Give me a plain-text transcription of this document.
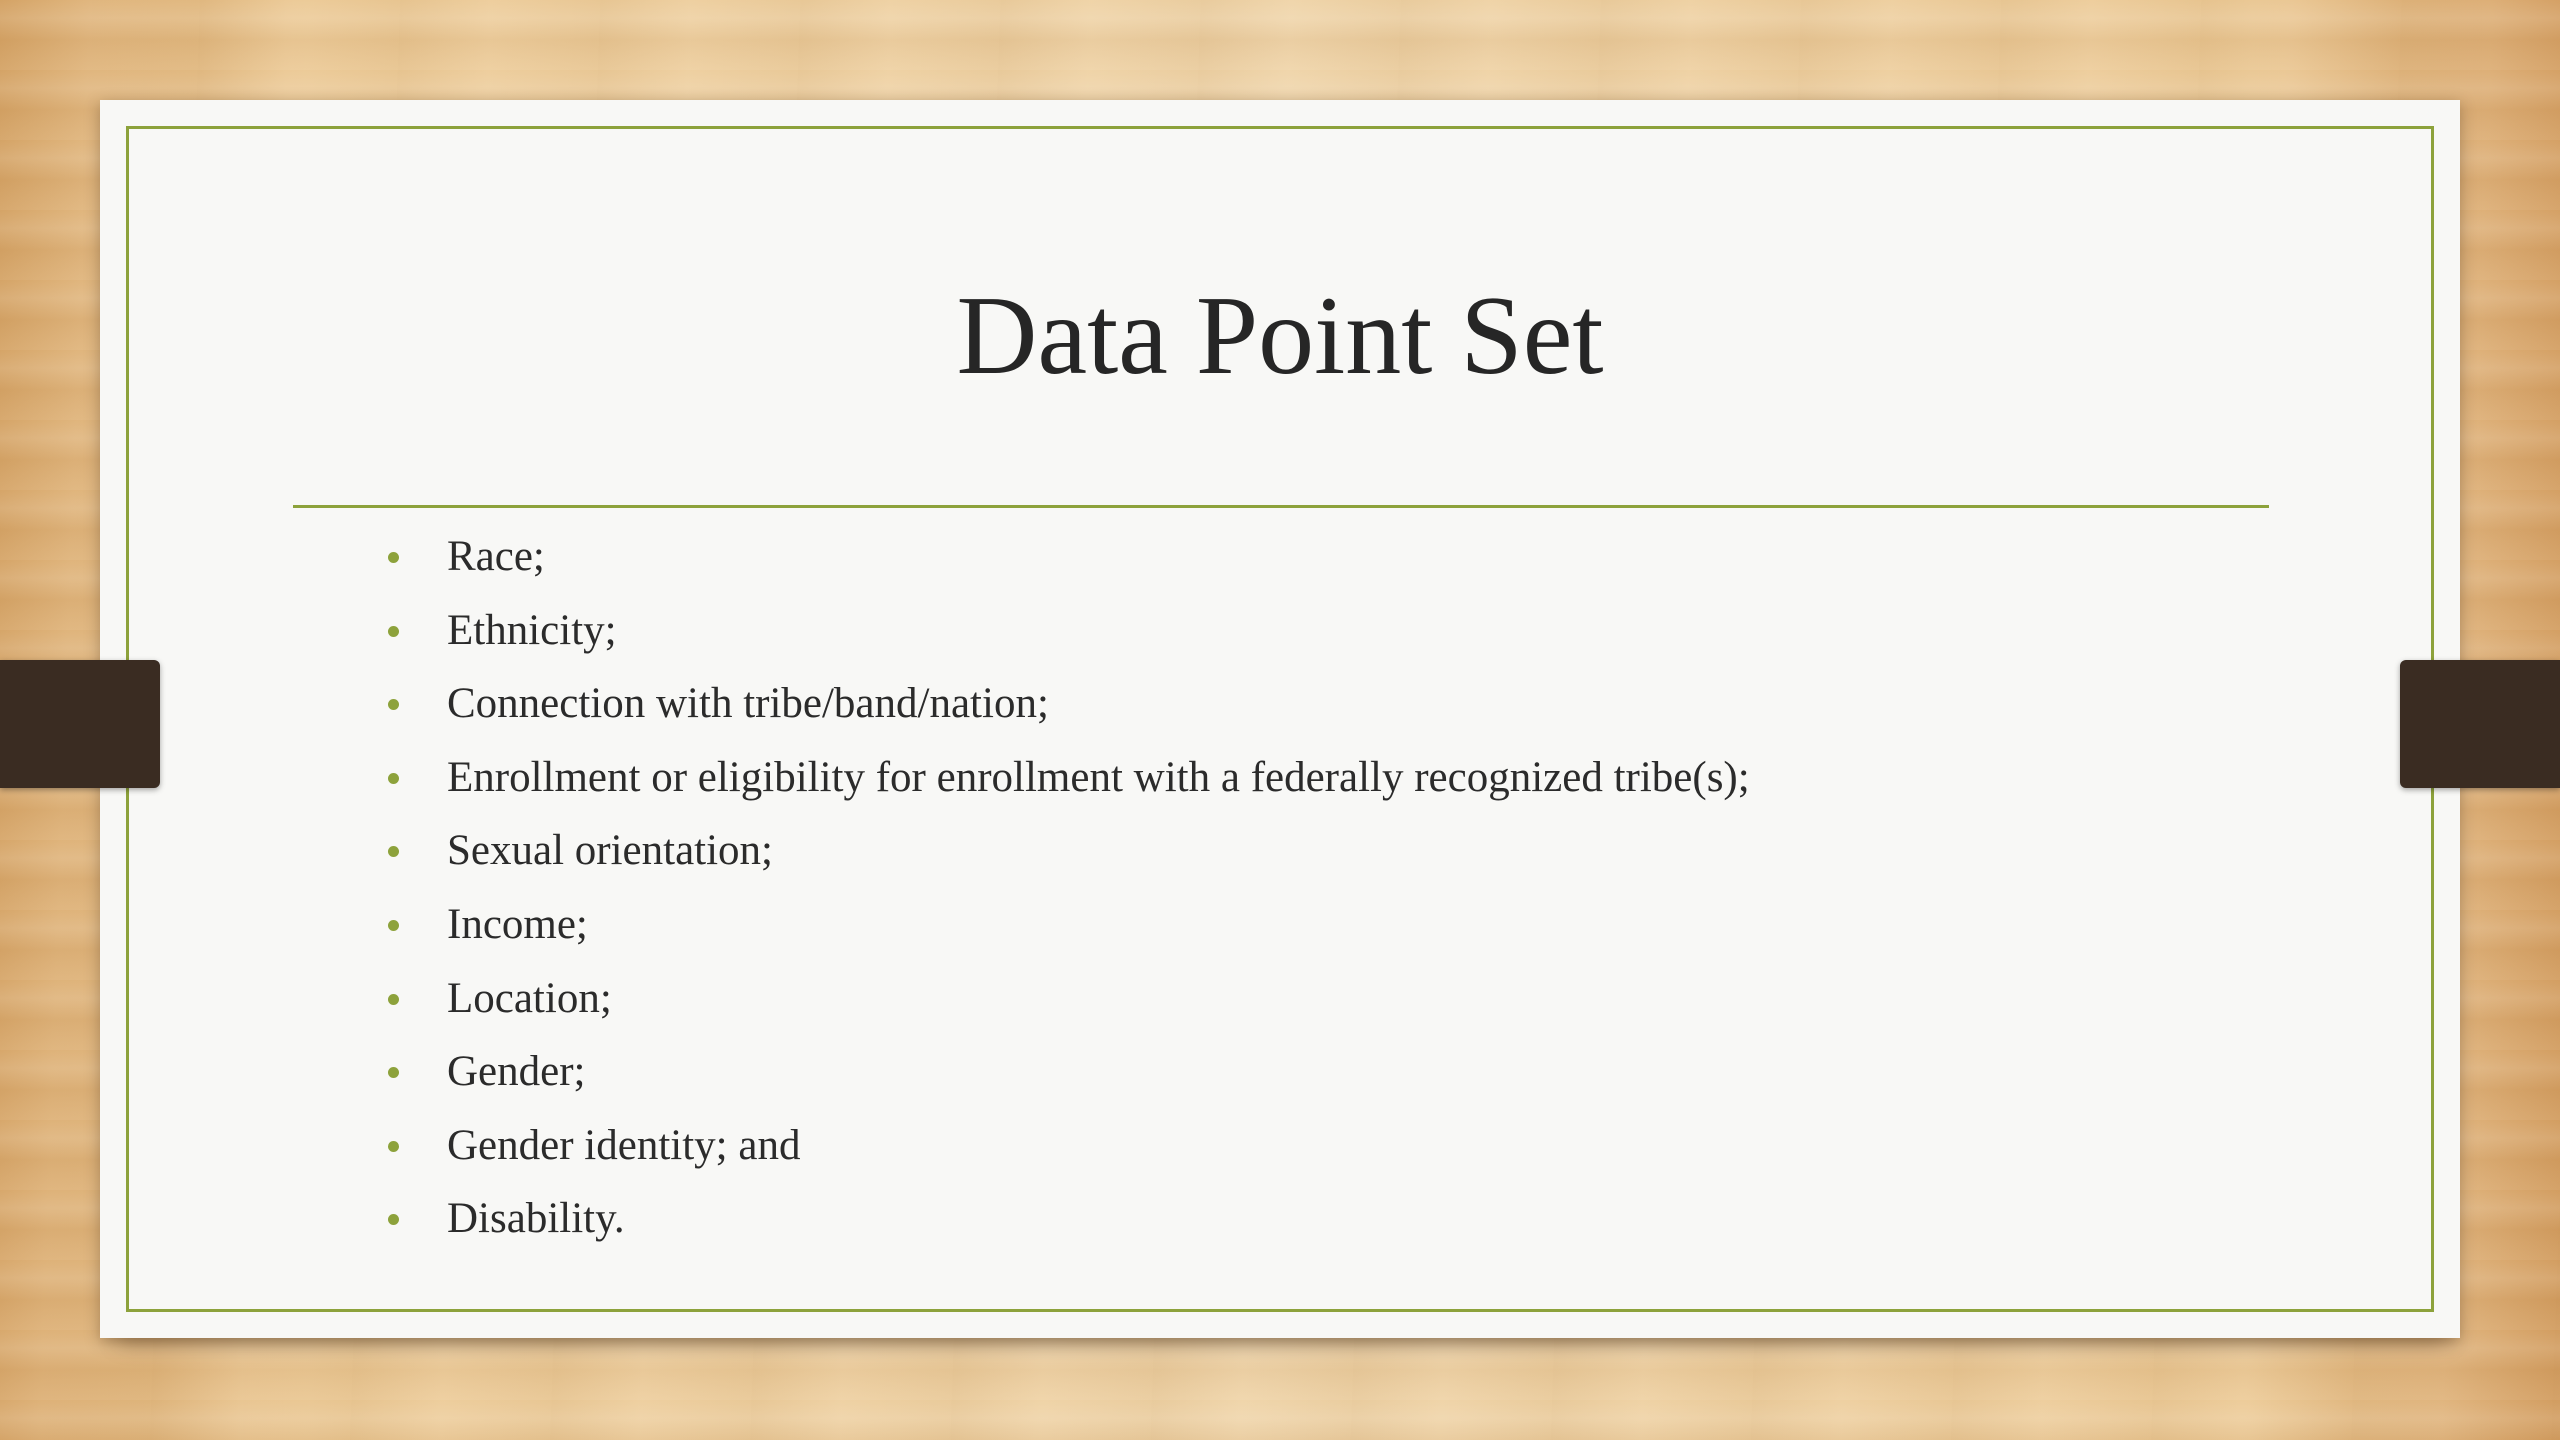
Data Point Set
Race;
Ethnicity;
Connection with tribe/band/nation;
Enrollment or eligibility for enrollment with a federally recognized tribe(s);
Sexual orientation;
Income;
Location;
Gender;
Gender identity; and
Disability.
